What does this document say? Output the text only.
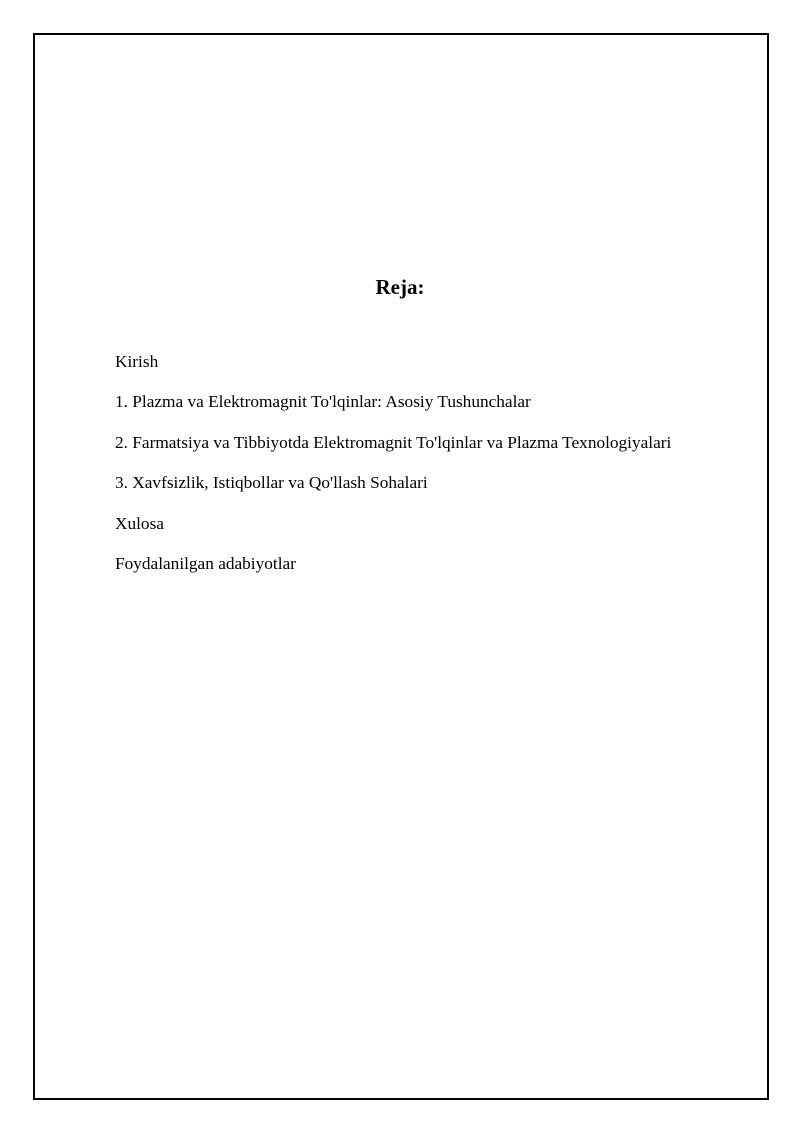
Reja:
Kirish
1. Plazma va Elektromagnit To'lqinlar: Asosiy Tushunchalar
2. Farmatsiya va Tibbiyotda Elektromagnit To'lqinlar va Plazma Texnologiyalari
3. Xavfsizlik, Istiqbollar va Qo'llash Sohalari
Xulosa
Foydalanilgan adabiyotlar
